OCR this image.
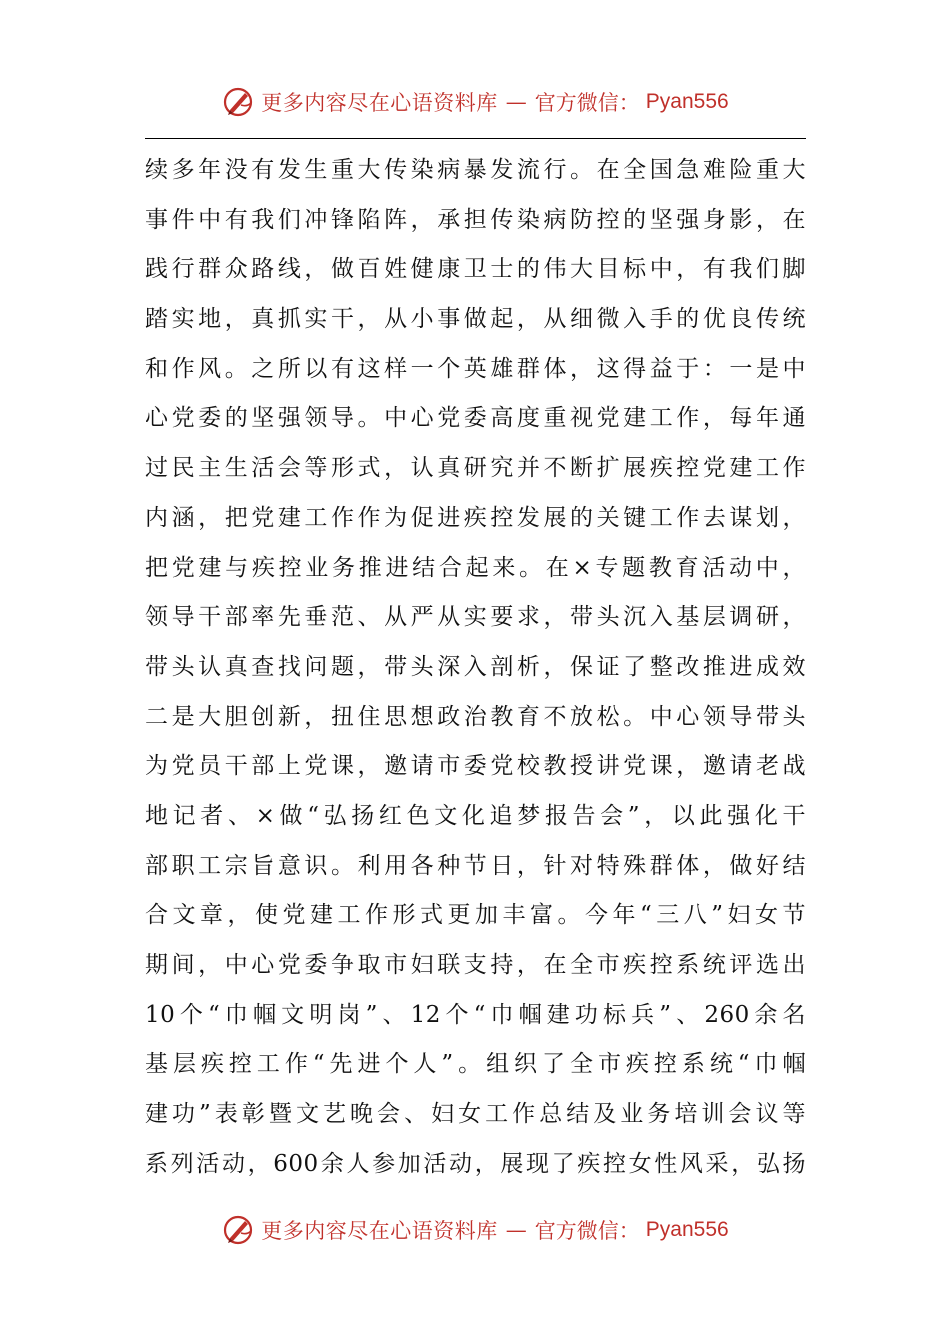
更多内容尽在心语资料库 — 官方微信： Pyan556
续多年没有发生重大传染病暴发流行。在全国急难险重大
事件中有我们冲锋陷阵，承担传染病防控的坚强身影，在
践行群众路线，做百姓健康卫士的伟大目标中，有我们脚
踏实地，真抓实干，从小事做起，从细微入手的优良传统
和作风。之所以有这样一个英雄群体，这得益于：一是中
心党委的坚强领导。中心党委高度重视党建工作，每年通
过民主生活会等形式，认真研究并不断扩展疾控党建工作
内涵，把党建工作作为促进疾控发展的关键工作去谋划，
把党建与疾控业务推进结合起来。在×专题教育活动中，
领导干部率先垂范、从严从实要求，带头沉入基层调研，
带头认真查找问题，带头深入剖析，保证了整改推进成效
二是大胆创新，扭住思想政治教育不放松。中心领导带头
为党员干部上党课，邀请市委党校教授讲党课，邀请老战
地记者、×做“弘扬红色文化追梦报告会”，以此强化干
部职工宗旨意识。利用各种节日，针对特殊群体，做好结
合文章，使党建工作形式更加丰富。今年“三八”妇女节
期间，中心党委争取市妇联支持，在全市疾控系统评选出
10个“巾帼文明岗”、12个“巾帼建功标兵”、260余名
基层疾控工作“先进个人”。组织了全市疾控系统“巾帼
建功”表彰暨文艺晚会、妇女工作总结及业务培训会议等
系列活动，600余人参加活动，展现了疾控女性风采，弘扬
更多内容尽在心语资料库 — 官方微信： Pyan556
